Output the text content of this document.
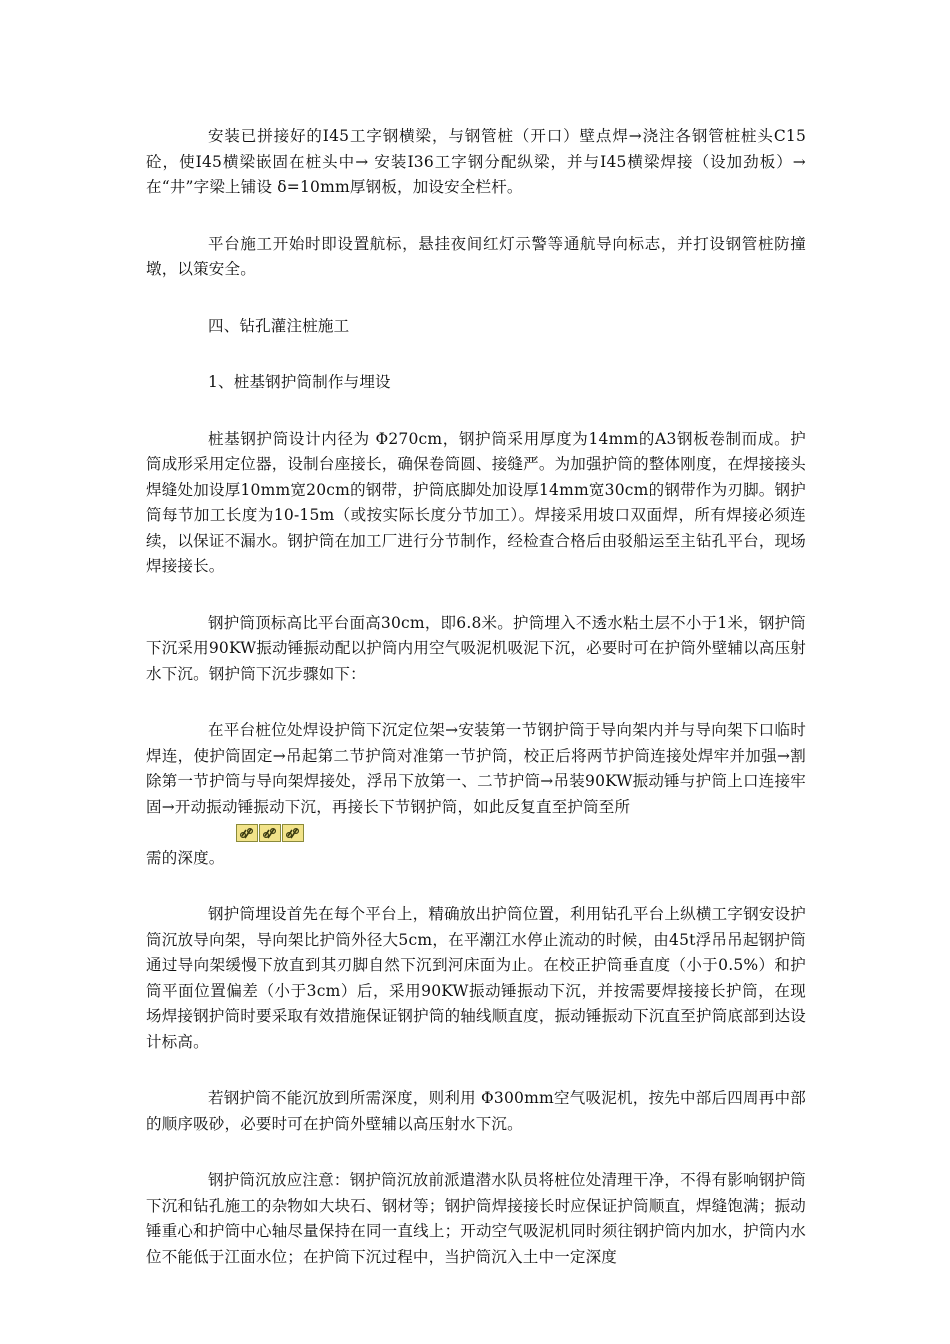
安装已拼接好的I45工字钢横梁，与钢管桩（开口）壁点焊→浇注各钢管桩桩头C15砼，使I45横梁嵌固在桩头中→ 安装I36工字钢分配纵梁，并与I45横梁焊接（设加劲板）→在“井”字梁上铺设 δ=10mm厚钢板，加设安全栏杆。

平台施工开始时即设置航标，悬挂夜间红灯示警等通航导向标志，并打设钢管桩防撞墩，以策安全。

四、钻孔灌注桩施工

1、桩基钢护筒制作与埋设

桩基钢护筒设计内径为 Φ270cm，钢护筒采用厚度为14mm的A3钢板卷制而成。护筒成形采用定位器，设制台座接长，确保卷筒圆、接缝严。为加强护筒的整体刚度，在焊接接头焊缝处加设厚10mm宽20cm的钢带，护筒底脚处加设厚14mm宽30cm的钢带作为刃脚。钢护筒每节加工长度为10-15m（或按实际长度分节加工）。焊接采用坡口双面焊，所有焊接必须连续，以保证不漏水。钢护筒在加工厂进行分节制作，经检查合格后由驳船运至主钻孔平台，现场焊接接长。

钢护筒顶标高比平台面高30cm，即6.8米。护筒埋入不透水粘土层不小于1米，钢护筒下沉采用90KW振动锤振动配以护筒内用空气吸泥机吸泥下沉，必要时可在护筒外壁辅以高压射水下沉。钢护筒下沉步骤如下：

在平台桩位处焊设护筒下沉定位架→安装第一节钢护筒于导向架内并与导向架下口临时焊连，使护筒固定→吊起第二节护筒对准第一节护筒，校正后将两节护筒连接处焊牢并加强→割除第一节护筒与导向架焊接处，浮吊下放第一、二节护筒→吊装90KW振动锤与护筒上口连接牢固→开动振动锤振动下沉，再接长下节钢护筒，如此反复直至护筒至所
需的深度。

钢护筒埋设首先在每个平台上，精确放出护筒位置，利用钻孔平台上纵横工字钢安设护筒沉放导向架，导向架比护筒外径大5cm，在平潮江水停止流动的时候，由45t浮吊吊起钢护筒通过导向架缓慢下放直到其刃脚自然下沉到河床面为止。在校正护筒垂直度（小于0.5%）和护筒平面位置偏差（小于3cm）后，采用90KW振动锤振动下沉，并按需要焊接接长护筒，在现场焊接钢护筒时要采取有效措施保证钢护筒的轴线顺直度，振动锤振动下沉直至护筒底部到达设计标高。

若钢护筒不能沉放到所需深度，则利用 Φ300mm空气吸泥机，按先中部后四周再中部的顺序吸砂，必要时可在护筒外壁辅以高压射水下沉。

钢护筒沉放应注意：钢护筒沉放前派遣潜水队员将桩位处清理干净，不得有影响钢护筒下沉和钻孔施工的杂物如大块石、钢材等；钢护筒焊接接长时应保证护筒顺直，焊缝饱满；振动锤重心和护筒中心轴尽量保持在同一直线上；开动空气吸泥机同时须往钢护筒内加水，护筒内水位不能低于江面水位；在护筒下沉过程中，当护筒沉入土中一定深度
